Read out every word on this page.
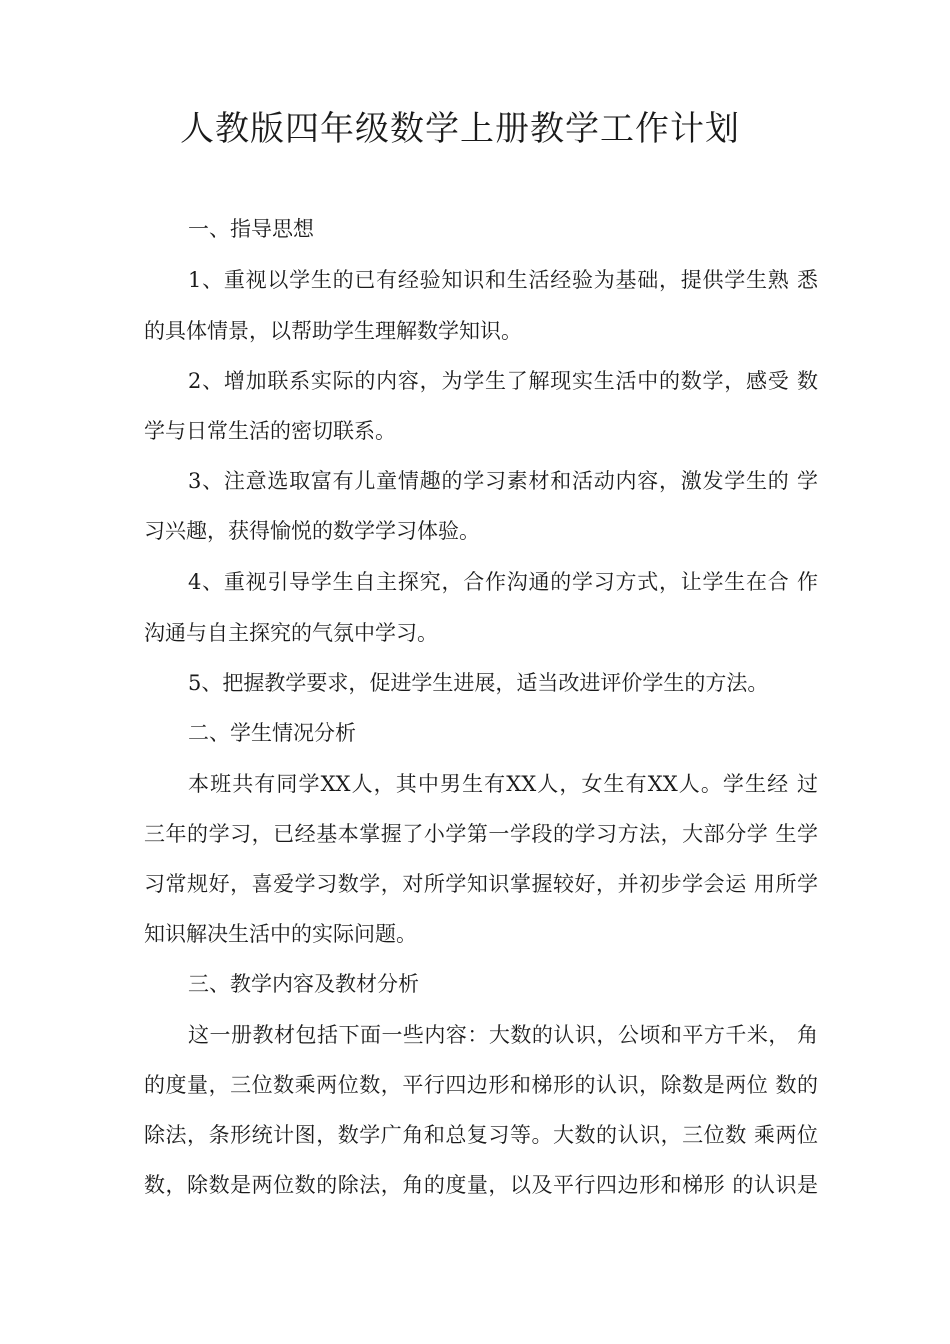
人教版四年级数学上册教学工作计划

一、指导思想

1、重视以学生的已有经验知识和生活经验为基础，提供学生熟 悉

的具体情景，以帮助学生理解数学知识。

2、增加联系实际的内容，为学生了解现实生活中的数学，感受 数

学与日常生活的密切联系。

3、注意选取富有儿童情趣的学习素材和活动内容，激发学生的 学

习兴趣，获得愉悦的数学学习体验。

4、重视引导学生自主探究，合作沟通的学习方式，让学生在合 作

沟通与自主探究的气氛中学习。

5、把握教学要求，促进学生进展，适当改进评价学生的方法。

二、学生情况分析

本班共有同学XX人，其中男生有XX人，女生有XX人。学生经 过

三年的学习，已经基本掌握了小学第一学段的学习方法，大部分学 生学

习常规好，喜爱学习数学，对所学知识掌握较好，并初步学会运 用所学

知识解决生活中的实际问题。

三、教学内容及教材分析

这一册教材包括下面一些内容：大数的认识，公顷和平方千米， 角

的度量，三位数乘两位数，平行四边形和梯形的认识，除数是两位 数的

除法，条形统计图，数学广角和总复习等。大数的认识，三位数 乘两位

数，除数是两位数的除法，角的度量，以及平行四边形和梯形 的认识是
